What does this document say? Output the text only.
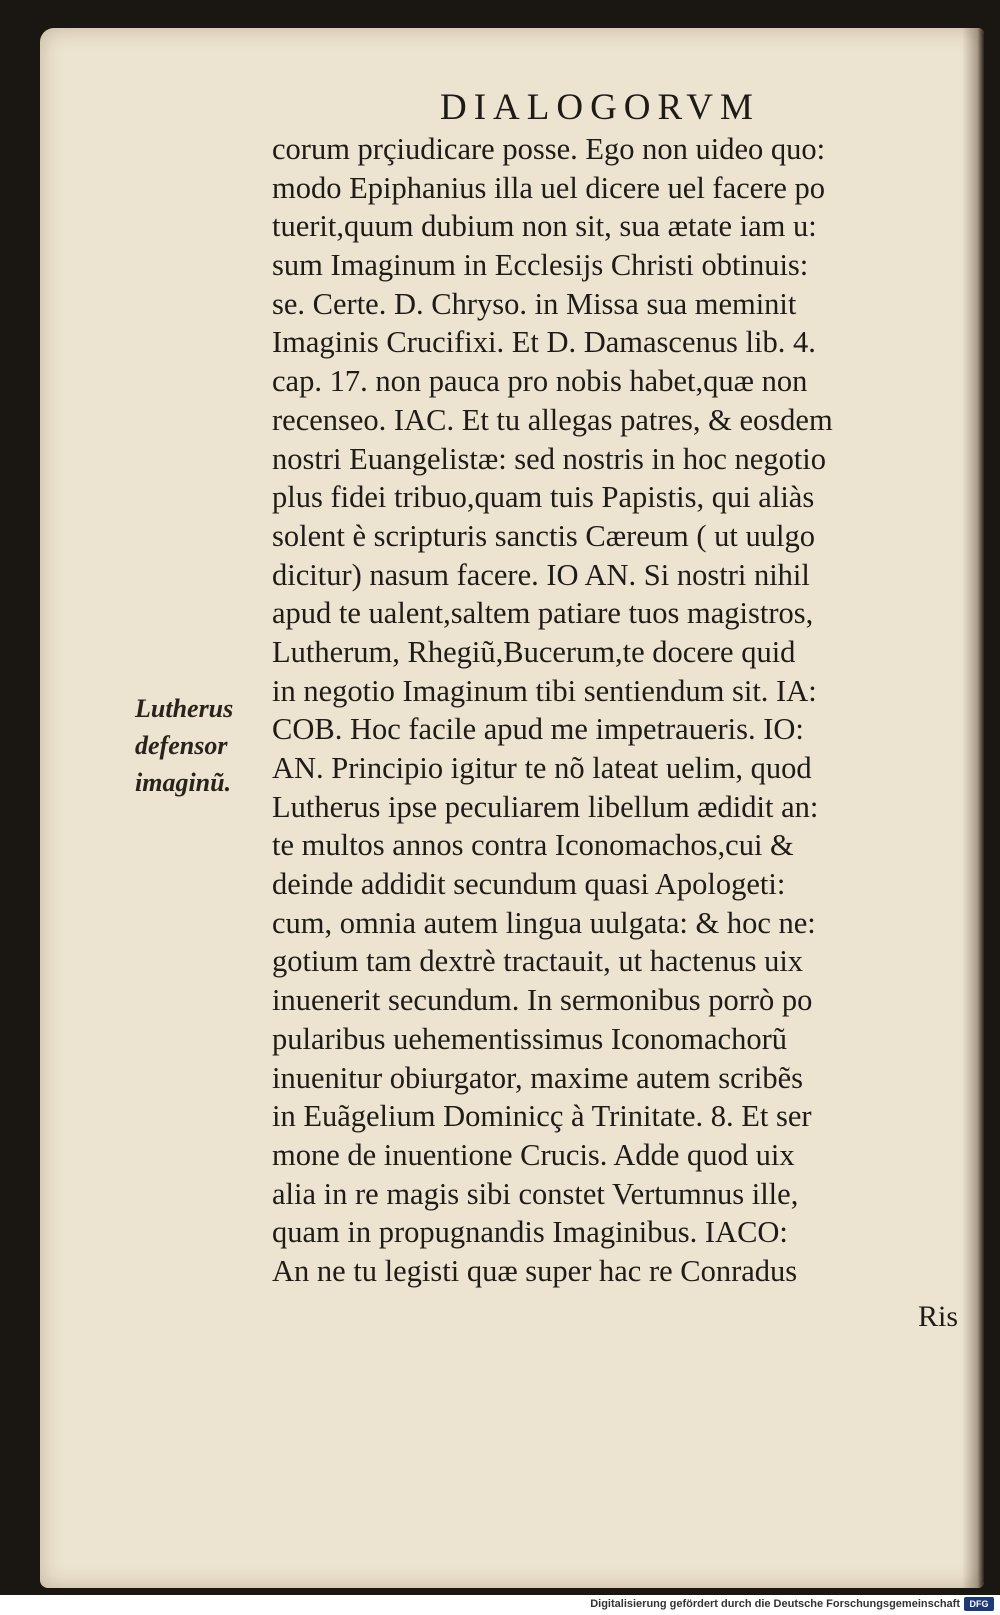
DIALOGORVM
Lutherus
defensor
imaginũ.
corum prçiudicare posse. Ego non uideo quo:
modo Epiphanius illa uel dicere uel facere po
tuerit,quum dubium non sit, sua ætate iam u:
sum Imaginum in Ecclesijs Christi obtinuis:
se. Certe. D. Chryso. in Missa sua meminit
Imaginis Crucifixi. Et D. Damascenus lib. 4.
cap. 17. non pauca pro nobis habet,quæ non
recenseo. IAC. Et tu allegas patres, & eosdem
nostri Euangelistæ: sed nostris in hoc negotio
plus fidei tribuo,quam tuis Papistis, qui aliàs
solent è scripturis sanctis Cæreum ( ut uulgo
dicitur) nasum facere. IO AN. Si nostri nihil
apud te ualent,saltem patiare tuos magistros,
Lutherum, Rhegiũ,Bucerum,te docere quid
in negotio Imaginum tibi sentiendum sit. IA:
COB. Hoc facile apud me impetraueris. IO:
AN. Principio igitur te nõ lateat uelim, quod
Lutherus ipse peculiarem libellum ædidit an:
te multos annos contra Iconomachos,cui &
deinde addidit secundum quasi Apologeti:
cum, omnia autem lingua uulgata: & hoc ne:
gotium tam dextrè tractauit, ut hactenus uix
inuenerit secundum. In sermonibus porrò po
pularibus uehementissimus Iconomachorũ
inuenitur obiurgator, maxime autem scribẽs
in Euãgelium Dominicç à Trinitate. 8. Et ser
mone de inuentione Crucis. Adde quod uix
alia in re magis sibi constet Vertumnus ille,
quam in propugnandis Imaginibus. IACO:
An ne tu legisti quæ super hac re Conradus
Ris
Digitalisierung gefördert durch die Deutsche Forschungsgemeinschaft	DFG
